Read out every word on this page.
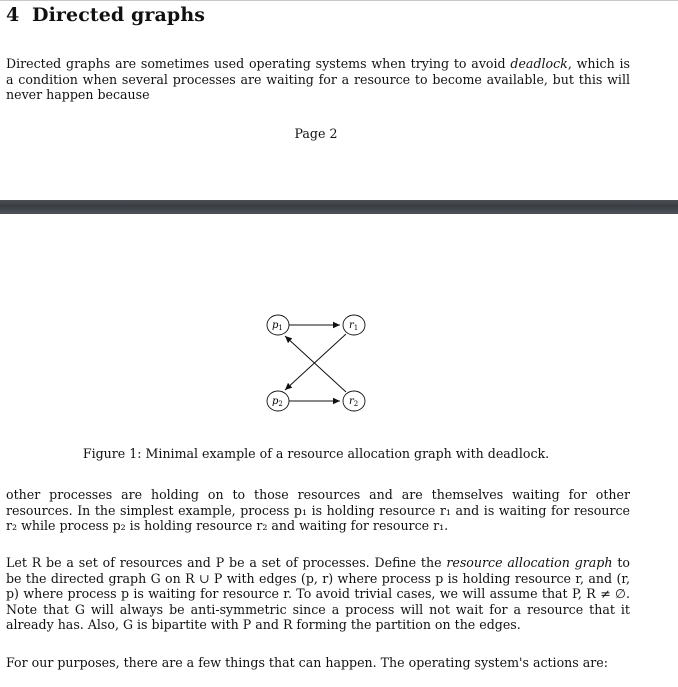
4 Directed graphs

Directed graphs are sometimes used operating systems when trying to avoid deadlock, which is a condition when several processes are waiting for a resource to become available, but this will never happen because

Page 2
$p_1$	$r_1$
$p_2$	$r_2$
Figure 1: Minimal example of a resource allocation graph with deadlock.

other processes are holding on to those resources and are themselves waiting for other resources. In the simplest example, process p₁ is holding resource r₁ and is waiting for resource r₂ while process p₂ is holding resource r₂ and waiting for resource r₁.

Let R be a set of resources and P be a set of processes. Define the resource allocation graph to be the directed graph G on R ∪ P with edges (p, r) where process p is holding resource r, and (r, p) where process p is waiting for resource r. To avoid trivial cases, we will assume that P, R ≠ ∅. Note that G will always be anti-symmetric since a process will not wait for a resource that it already has. Also, G is bipartite with P and R forming the partition on the edges.

For our purposes, there are a few things that can happen. The operating system's actions are:
